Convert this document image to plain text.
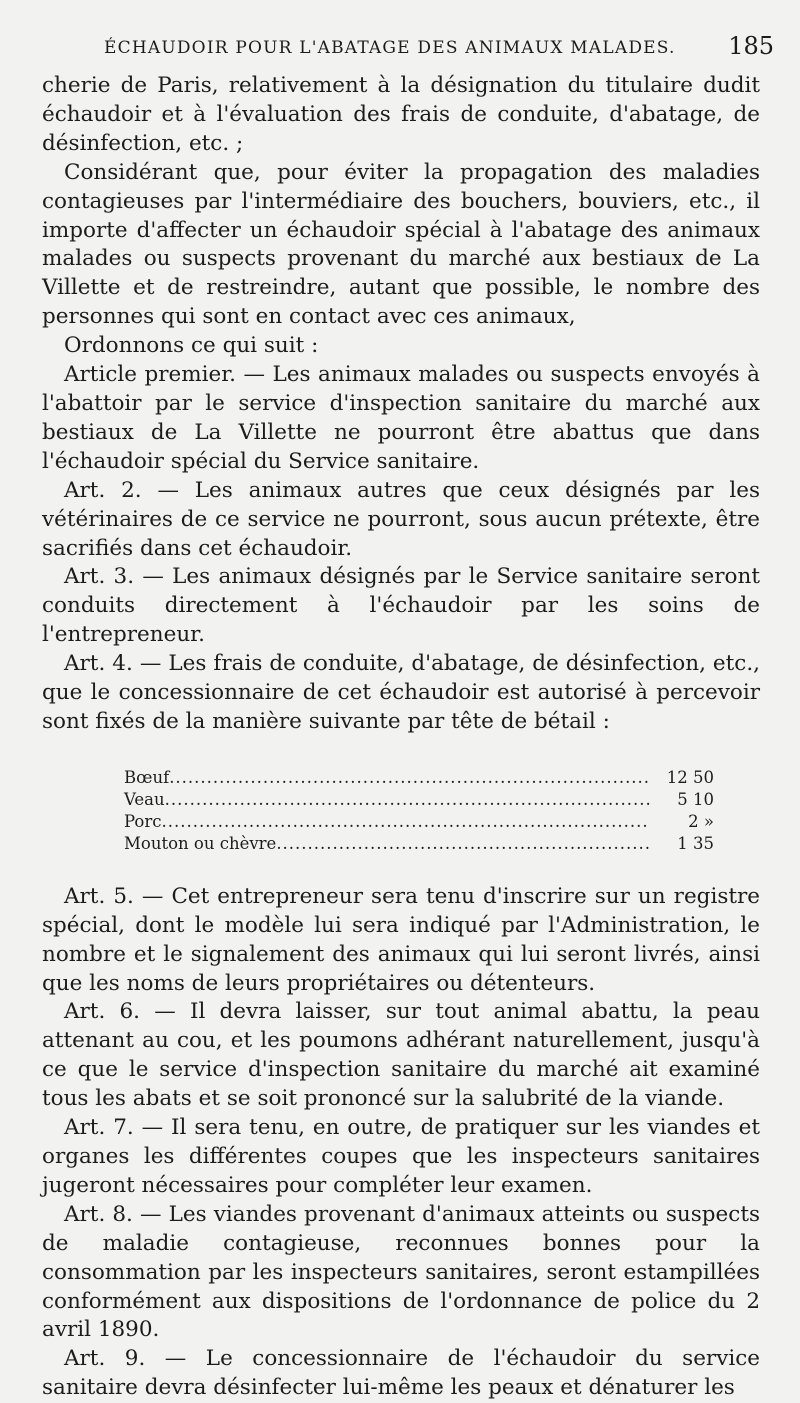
ÉCHAUDOIR POUR L'ABATAGE DES ANIMAUX MALADES. 185

cherie de Paris, relativement à la désignation du titulaire dudit échaudoir et à l'évaluation des frais de conduite, d'abatage, de désinfection, etc. ;

Considérant que, pour éviter la propagation des maladies contagieuses par l'intermédiaire des bouchers, bouviers, etc., il importe d'affecter un échaudoir spécial à l'abatage des animaux malades ou suspects provenant du marché aux bestiaux de La Villette et de restreindre, autant que possible, le nombre des personnes qui sont en contact avec ces animaux,

Ordonnons ce qui suit :

Article premier. — Les animaux malades ou suspects envoyés à l'abattoir par le service d'inspection sanitaire du marché aux bestiaux de La Villette ne pourront être abattus que dans l'échaudoir spécial du Service sanitaire.

Art. 2. — Les animaux autres que ceux désignés par les vétérinaires de ce service ne pourront, sous aucun prétexte, être sacrifiés dans cet échaudoir.

Art. 3. — Les animaux désignés par le Service sanitaire seront conduits directement à l'échaudoir par les soins de l'entrepreneur.

Art. 4. — Les frais de conduite, d'abatage, de désinfection, etc., que le concessionnaire de cet échaudoir est autorisé à percevoir sont fixés de la manière suivante par tête de bétail :

Bœuf .....	12 50
Veau .....	5 10
Porc .....	2 »
Mouton ou chèvre .....	1 35

Art. 5. — Cet entrepreneur sera tenu d'inscrire sur un registre spécial, dont le modèle lui sera indiqué par l'Administration, le nombre et le signalement des animaux qui lui seront livrés, ainsi que les noms de leurs propriétaires ou détenteurs.

Art. 6. — Il devra laisser, sur tout animal abattu, la peau attenant au cou, et les poumons adhérant naturellement, jusqu'à ce que le service d'inspection sanitaire du marché ait examiné tous les abats et se soit prononcé sur la salubrité de la viande.

Art. 7. — Il sera tenu, en outre, de pratiquer sur les viandes et organes les différentes coupes que les inspecteurs sanitaires jugeront nécessaires pour compléter leur examen.

Art. 8. — Les viandes provenant d'animaux atteints ou suspects de maladie contagieuse, reconnues bonnes pour la consommation par les inspecteurs sanitaires, seront estampillées conformément aux dispositions de l'ordonnance de police du 2 avril 1890.

Art. 9. — Le concessionnaire de l'échaudoir du service sanitaire devra désinfecter lui-même les peaux et dénaturer les
